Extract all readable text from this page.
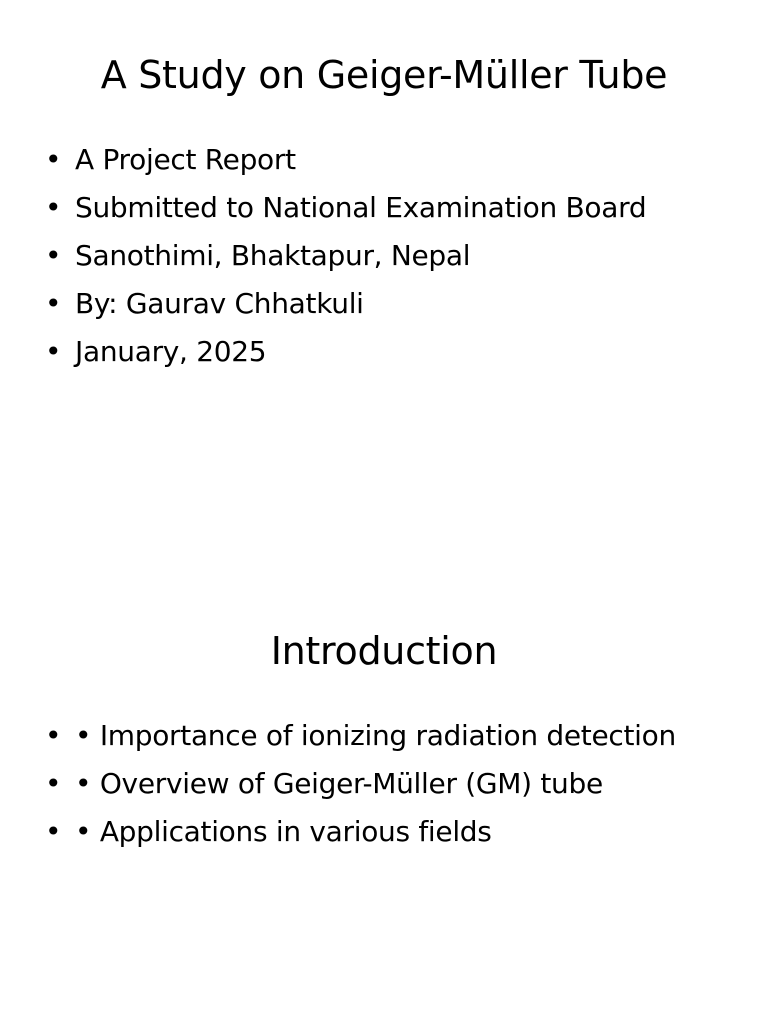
A Study on Geiger-Müller Tube
• A Project Report
• Submitted to National Examination Board
• Sanothimi, Bhaktapur, Nepal
• By: Gaurav Chhatkuli
• January, 2025
Introduction
• • Importance of ionizing radiation detection
• • Overview of Geiger-Müller (GM) tube
• • Applications in various fields
